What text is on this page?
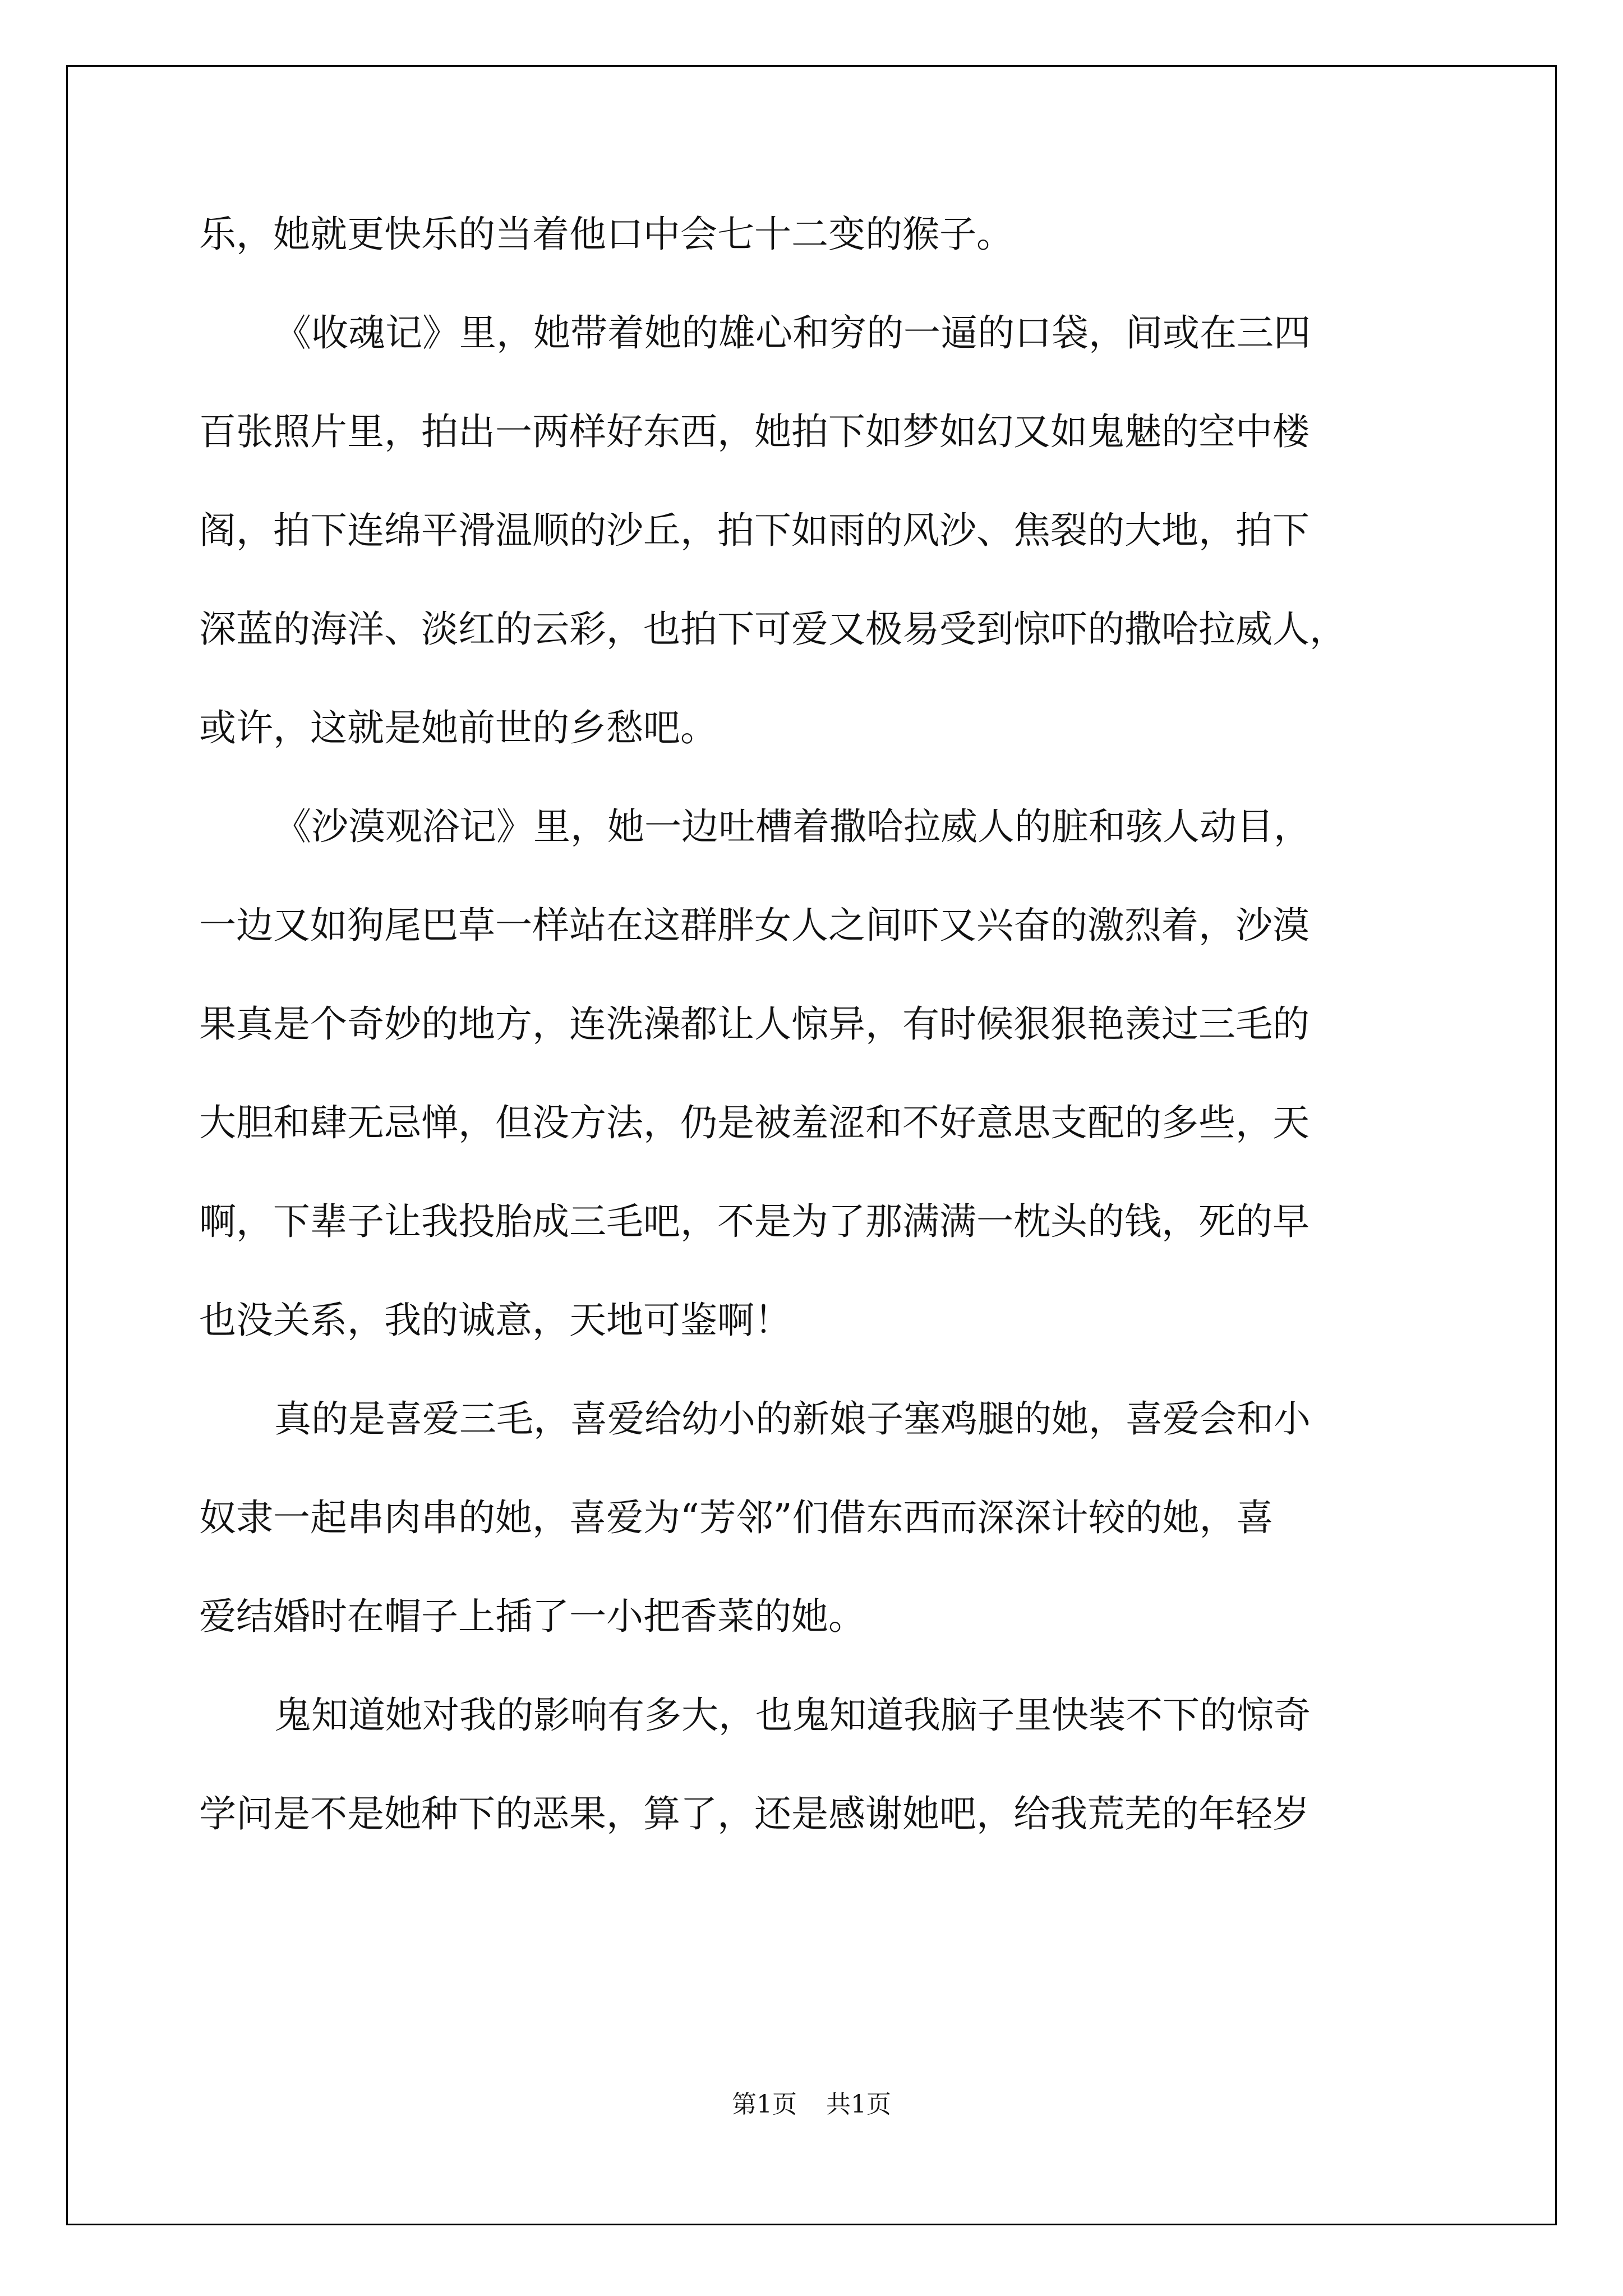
乐，她就更快乐的当着他口中会七十二变的猴子。
《收魂记》里，她带着她的雄心和穷的一逼的口袋，间或在三四
百张照片里，拍出一两样好东西，她拍下如梦如幻又如鬼魅的空中楼
阁，拍下连绵平滑温顺的沙丘，拍下如雨的风沙、焦裂的大地，拍下
深蓝的海洋、淡红的云彩，也拍下可爱又极易受到惊吓的撒哈拉威人，
或许，这就是她前世的乡愁吧。
《沙漠观浴记》里，她一边吐槽着撒哈拉威人的脏和骇人动目，
一边又如狗尾巴草一样站在这群胖女人之间吓又兴奋的激烈着，沙漠
果真是个奇妙的地方，连洗澡都让人惊异，有时候狠狠艳羡过三毛的
大胆和肆无忌惮，但没方法，仍是被羞涩和不好意思支配的多些，天
啊，下辈子让我投胎成三毛吧，不是为了那满满一枕头的钱，死的早
也没关系，我的诚意，天地可鉴啊！
真的是喜爱三毛，喜爱给幼小的新娘子塞鸡腿的她，喜爱会和小
奴隶一起串肉串的她，喜爱为“芳邻”们借东西而深深计较的她，喜
爱结婚时在帽子上插了一小把香菜的她。
鬼知道她对我的影响有多大，也鬼知道我脑子里快装不下的惊奇
学问是不是她种下的恶果，算了，还是感谢她吧，给我荒芜的年轻岁
第1页 共1页
